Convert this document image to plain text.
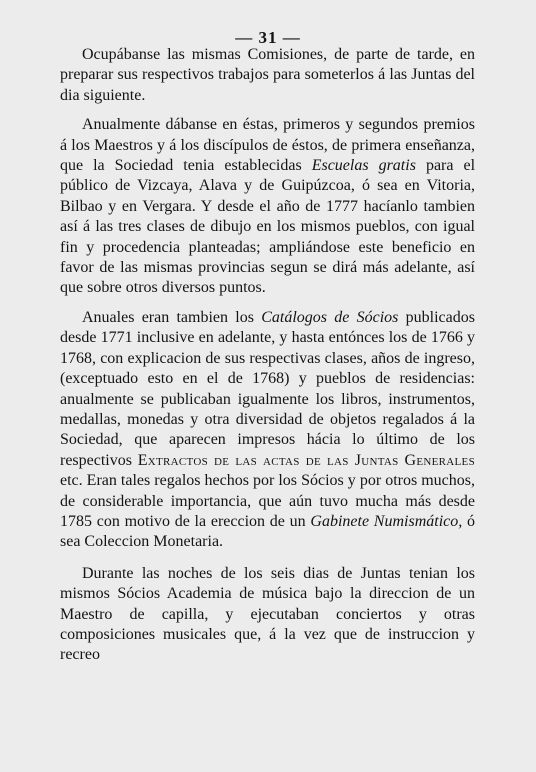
— 31 —

Ocupábanse las mismas Comisiones, de parte de tarde, en preparar sus respectivos trabajos para someterlos á las Juntas del dia siguiente.

Anualmente dábanse en éstas, primeros y segundos premios á los Maestros y á los discípulos de éstos, de primera enseñanza, que la Sociedad tenia establecidas Escuelas gratis para el público de Vizcaya, Alava y de Guipúzcoa, ó sea en Vitoria, Bilbao y en Vergara. Y desde el año de 1777 hacíanlo tambien así á las tres clases de dibujo en los mismos pueblos, con igual fin y procedencia planteadas; ampliándose este beneficio en favor de las mismas provincias segun se dirá más adelante, así que sobre otros diversos puntos.

Anuales eran tambien los Catálogos de Sócios publicados desde 1771 inclusive en adelante, y hasta entónces los de 1766 y 1768, con explicacion de sus respectivas clases, años de ingreso, (exceptuado esto en el de 1768) y pueblos de residencias: anualmente se publicaban igualmente los libros, instrumentos, medallas, monedas y otra diversidad de objetos regalados á la Sociedad, que aparecen impresos hácia lo último de los respectivos Extractos de las actas de las Juntas Generales etc. Eran tales regalos hechos por los Sócios y por otros muchos, de considerable importancia, que aún tuvo mucha más desde 1785 con motivo de la ereccion de un Gabinete Numismático, ó sea Coleccion Monetaria.

Durante las noches de los seis dias de Juntas tenian los mismos Sócios Academia de música bajo la direccion de un Maestro de capilla, y ejecutaban conciertos y otras composiciones musicales que, á la vez que de instruccion y recreo
